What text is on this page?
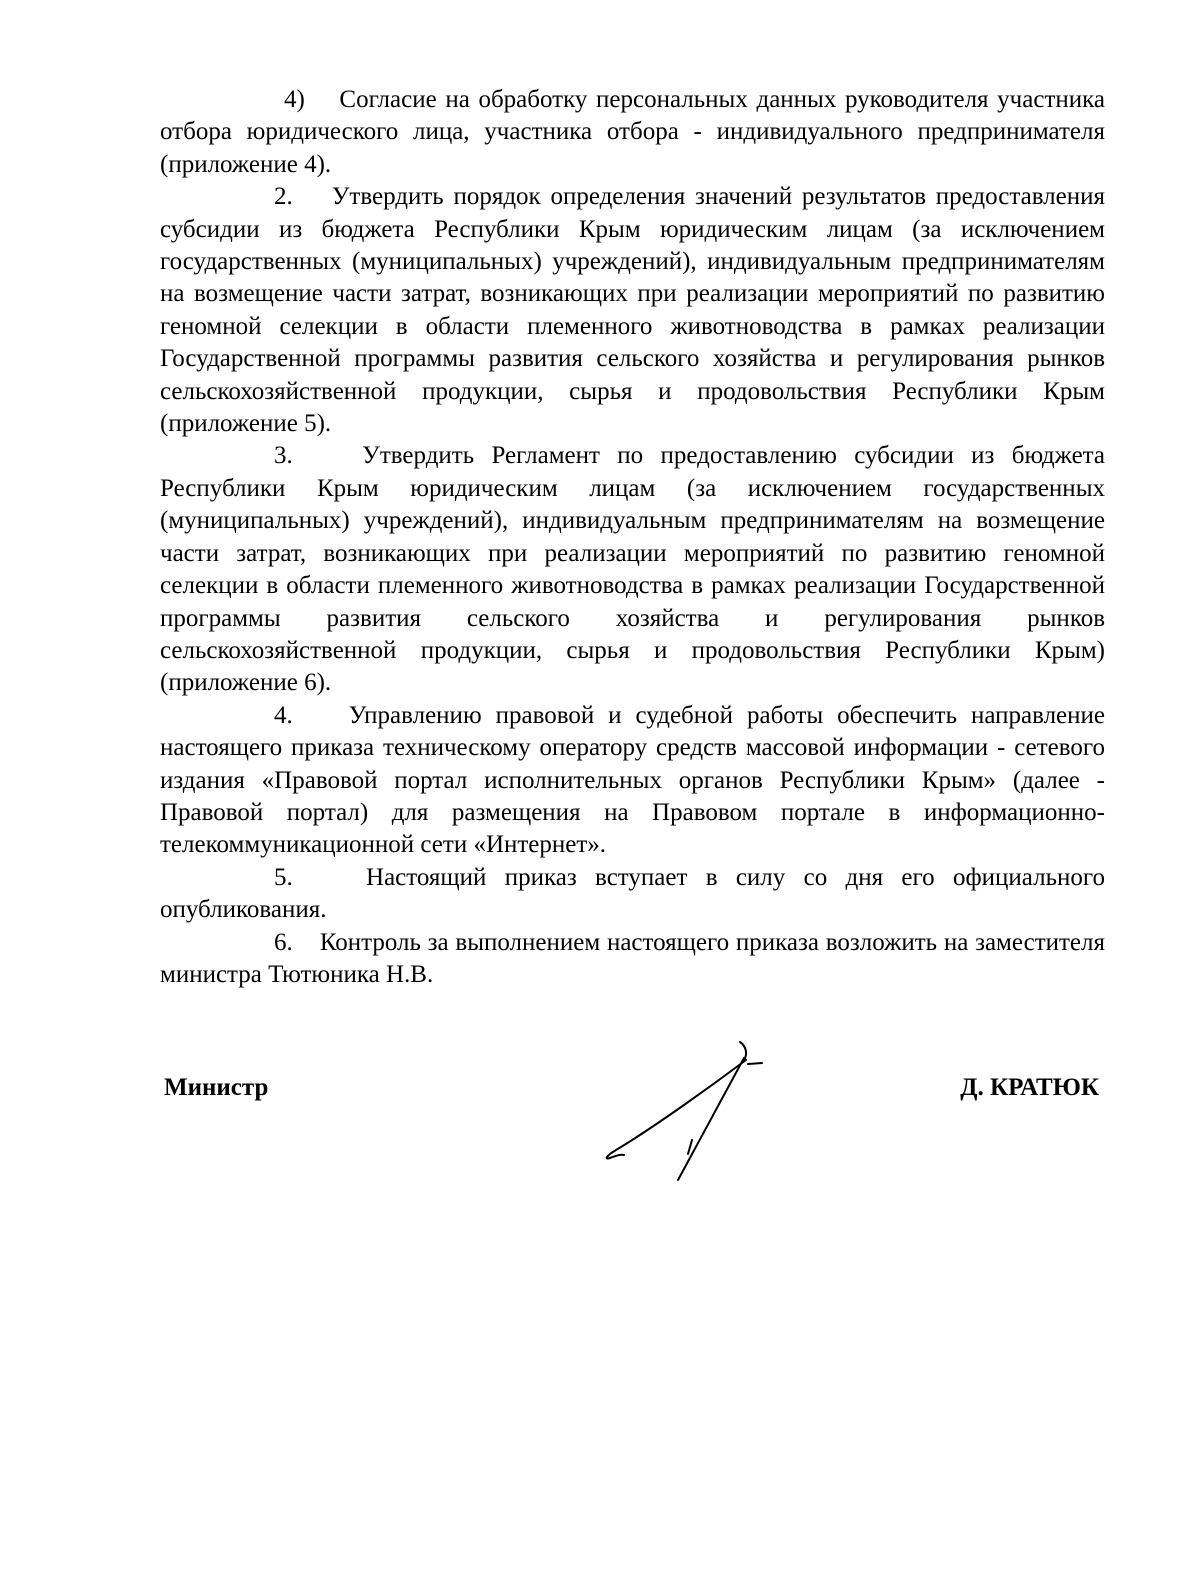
4) Согласие на обработку персональных данных руководителя участника отбора юридического лица, участника отбора - индивидуального предпринимателя (приложение 4).

2. Утвердить порядок определения значений результатов предоставления субсидии из бюджета Республики Крым юридическим лицам (за исключением государственных (муниципальных) учреждений), индивидуальным предпринимателям на возмещение части затрат, возникающих при реализации мероприятий по развитию геномной селекции в области племенного животноводства в рамках реализации Государственной программы развития сельского хозяйства и регулирования рынков сельскохозяйственной продукции, сырья и продовольствия Республики Крым (приложение 5).

3.	Утвердить Регламент по предоставлению субсидии из бюджета Республики Крым юридическим лицам (за исключением государственных (муниципальных) учреждений), индивидуальным предпринимателям на возмещение части затрат, возникающих при реализации мероприятий по развитию геномной селекции в области племенного животноводства в рамках реализации Государственной программы развития сельского хозяйства и регулирования рынков сельскохозяйственной продукции, сырья и продовольствия Республики Крым) (приложение 6).

4. Управлению правовой и судебной работы обеспечить направление настоящего приказа техническому оператору средств массовой информации - сетевого издания «Правовой портал исполнительных органов Республики Крым» (далее - Правовой портал) для размещения на Правовом портале в информационно-телекоммуникационной сети «Интернет».

5.	Настоящий приказ вступает в силу со дня его официального опубликования.

6. Контроль за выполнением настоящего приказа возложить на заместителя министра Тютюника Н.В.

Министр	Д. КРАТЮК
